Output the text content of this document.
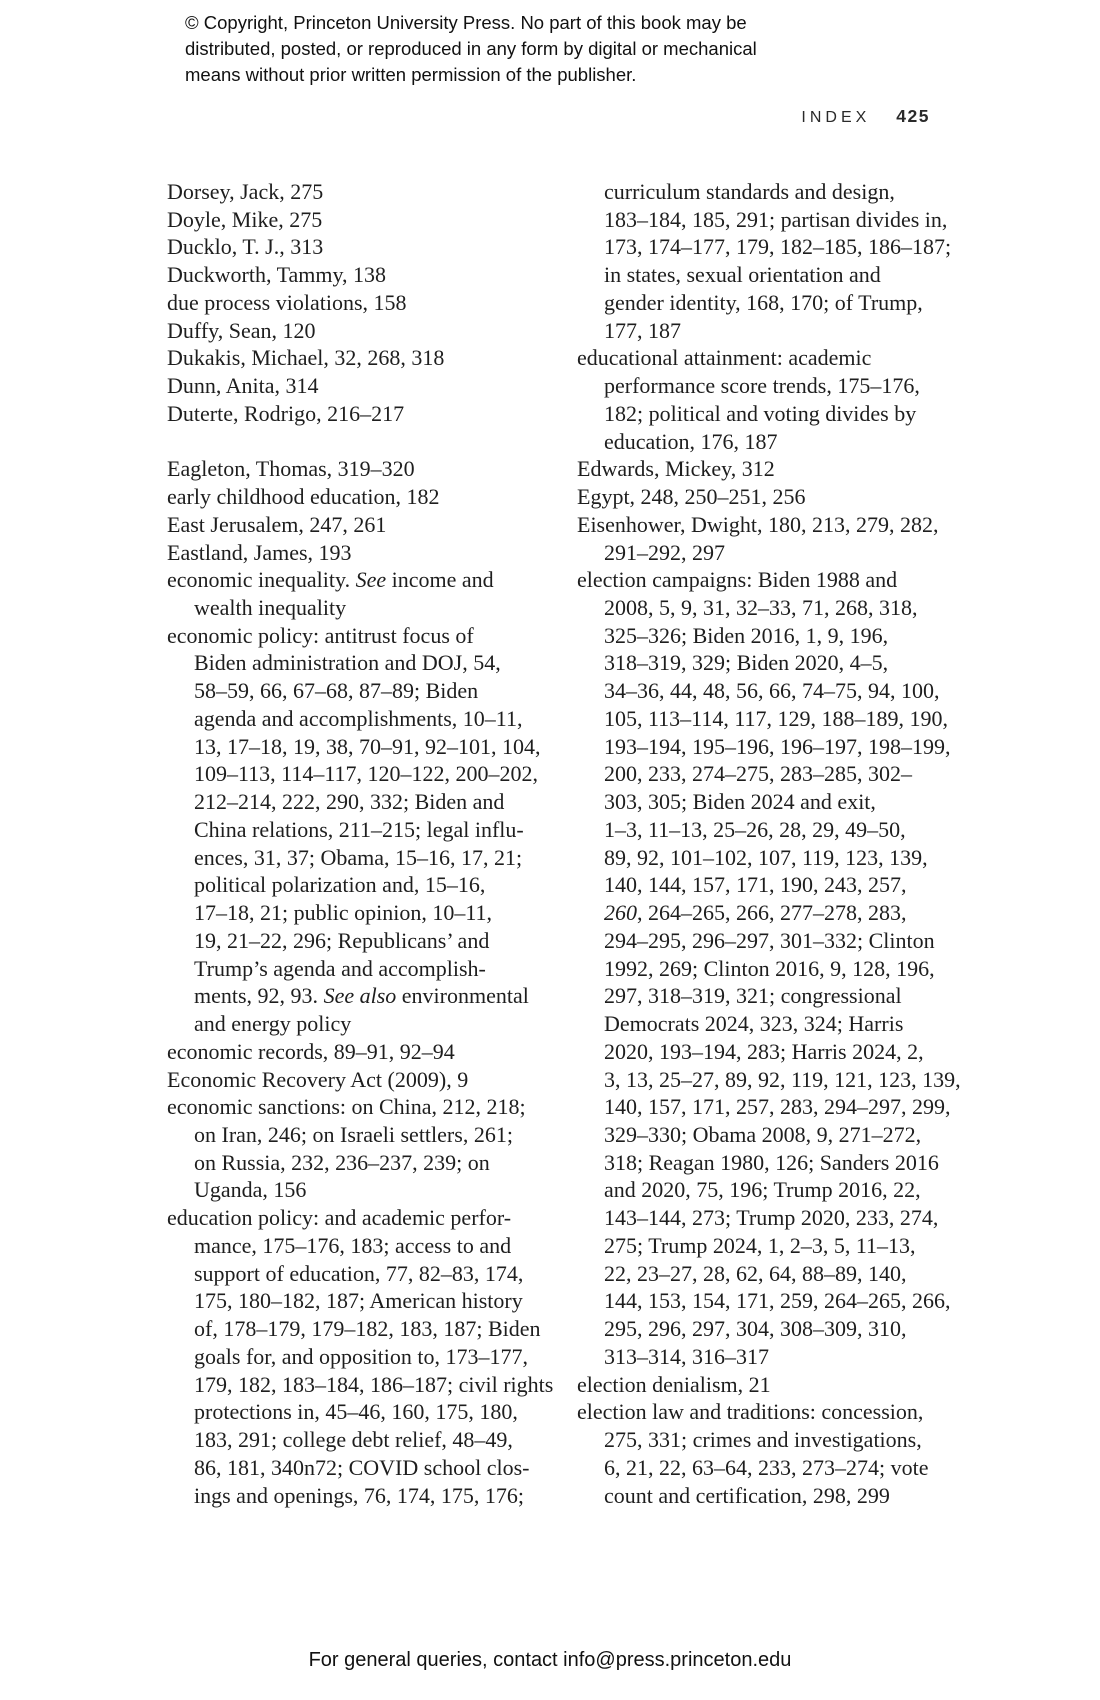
© Copyright, Princeton University Press. No part of this book may be
distributed, posted, or reproduced in any form by digital or mechanical
means without prior written permission of the publisher.
INDEX 425
Dorsey, Jack, 275
Doyle, Mike, 275
Ducklo, T. J., 313
Duckworth, Tammy, 138
due process violations, 158
Duffy, Sean, 120
Dukakis, Michael, 32, 268, 318
Dunn, Anita, 314
Duterte, Rodrigo, 216–217

Eagleton, Thomas, 319–320
early childhood education, 182
East Jerusalem, 247, 261
Eastland, James, 193
economic inequality. See income and
wealth inequality
economic policy: antitrust focus of
Biden administration and DOJ, 54,
58–59, 66, 67–68, 87–89; Biden
agenda and accomplishments, 10–11,
13, 17–18, 19, 38, 70–91, 92–101, 104,
109–113, 114–117, 120–122, 200–202,
212–214, 222, 290, 332; Biden and
China relations, 211–215; legal influ-
ences, 31, 37; Obama, 15–16, 17, 21;
political polarization and, 15–16,
17–18, 21; public opinion, 10–11,
19, 21–22, 296; Republicans’ and
Trump’s agenda and accomplish-
ments, 92, 93. See also environmental
and energy policy
economic records, 89–91, 92–94
Economic Recovery Act (2009), 9
economic sanctions: on China, 212, 218;
on Iran, 246; on Israeli settlers, 261;
on Russia, 232, 236–237, 239; on
Uganda, 156
education policy: and academic perfor-
mance, 175–176, 183; access to and
support of education, 77, 82–83, 174,
175, 180–182, 187; American history
of, 178–179, 179–182, 183, 187; Biden
goals for, and opposition to, 173–177,
179, 182, 183–184, 186–187; civil rights
protections in, 45–46, 160, 175, 180,
183, 291; college debt relief, 48–49,
86, 181, 340n72; COVID school clos-
ings and openings, 76, 174, 175, 176;
curriculum standards and design,
183–184, 185, 291; partisan divides in,
173, 174–177, 179, 182–185, 186–187;
in states, sexual orientation and
gender identity, 168, 170; of Trump,
177, 187
educational attainment: academic
performance score trends, 175–176,
182; political and voting divides by
education, 176, 187
Edwards, Mickey, 312
Egypt, 248, 250–251, 256
Eisenhower, Dwight, 180, 213, 279, 282,
291–292, 297
election campaigns: Biden 1988 and
2008, 5, 9, 31, 32–33, 71, 268, 318,
325–326; Biden 2016, 1, 9, 196,
318–319, 329; Biden 2020, 4–5,
34–36, 44, 48, 56, 66, 74–75, 94, 100,
105, 113–114, 117, 129, 188–189, 190,
193–194, 195–196, 196–197, 198–199,
200, 233, 274–275, 283–285, 302–
303, 305; Biden 2024 and exit,
1–3, 11–13, 25–26, 28, 29, 49–50,
89, 92, 101–102, 107, 119, 123, 139,
140, 144, 157, 171, 190, 243, 257,
260, 264–265, 266, 277–278, 283,
294–295, 296–297, 301–332; Clinton
1992, 269; Clinton 2016, 9, 128, 196,
297, 318–319, 321; congressional
Democrats 2024, 323, 324; Harris
2020, 193–194, 283; Harris 2024, 2,
3, 13, 25–27, 89, 92, 119, 121, 123, 139,
140, 157, 171, 257, 283, 294–297, 299,
329–330; Obama 2008, 9, 271–272,
318; Reagan 1980, 126; Sanders 2016
and 2020, 75, 196; Trump 2016, 22,
143–144, 273; Trump 2020, 233, 274,
275; Trump 2024, 1, 2–3, 5, 11–13,
22, 23–27, 28, 62, 64, 88–89, 140,
144, 153, 154, 171, 259, 264–265, 266,
295, 296, 297, 304, 308–309, 310,
313–314, 316–317
election denialism, 21
election law and traditions: concession,
275, 331; crimes and investigations,
6, 21, 22, 63–64, 233, 273–274; vote
count and certification, 298, 299
For general queries, contact info@press.princeton.edu
